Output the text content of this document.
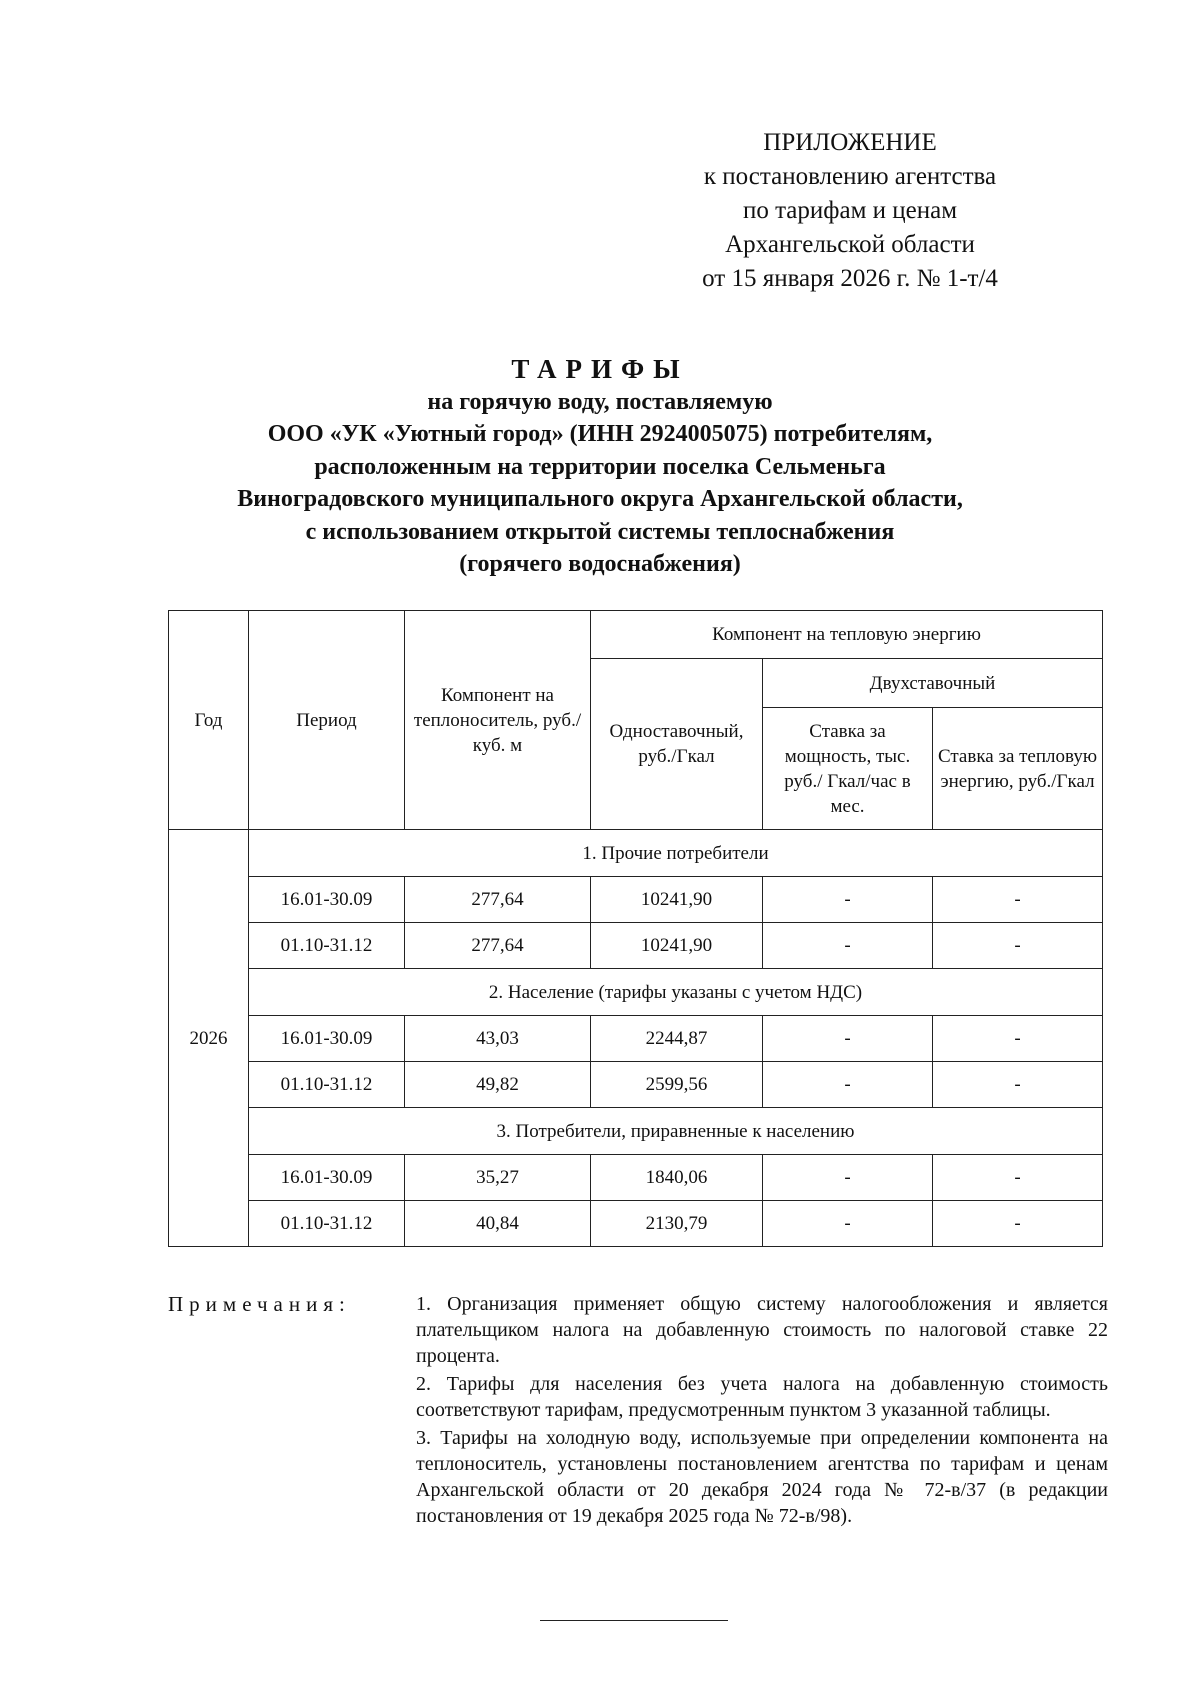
ПРИЛОЖЕНИЕ
к постановлению агентства
по тарифам и ценам
Архангельской области
от 15 января 2026 г. № 1-т/4
ТАРИФЫ
на горячую воду, поставляемую
ООО «УК «Уютный город» (ИНН 2924005075) потребителям,
расположенным на территории поселка Сельменьга
Виноградовского муниципального округа Архангельской области,
с использованием открытой системы теплоснабжения
(горячего водоснабжения)
Год	Период	Компонент на теплоноситель, руб./куб. м	Компонент на тепловую энергию		
			Одноставочный, руб./Гкал	Двухставочный	
				Ставка за мощность, тыс. руб./ Гкал/час в мес.	Ставка за тепловую энергию, руб./Гкал
2026	1. Прочие потребители				
	16.01-30.09	277,64	10241,90	-	-
	01.10-31.12	277,64	10241,90	-	-
	2. Население (тарифы указаны с учетом НДС)				
	16.01-30.09	43,03	2244,87	-	-
	01.10-31.12	49,82	2599,56	-	-
	3. Потребители, приравненные к населению				
	16.01-30.09	35,27	1840,06	-	-
	01.10-31.12	40,84	2130,79	-	-
Примечания:	1. Организация применяет общую систему налогообложения и является плательщиком налога на добавленную стоимость по налоговой ставке 22 процента.

2. Тарифы для населения без учета налога на добавленную стоимость соответствуют тарифам, предусмотренным пунктом 3 указанной таблицы.

3. Тарифы на холодную воду, используемые при определении компонента на теплоноситель, установлены постановлением агентства по тарифам и ценам Архангельской области от 20 декабря 2024 года № 72-в/37 (в редакции постановления от 19 декабря 2025 года № 72-в/98).
